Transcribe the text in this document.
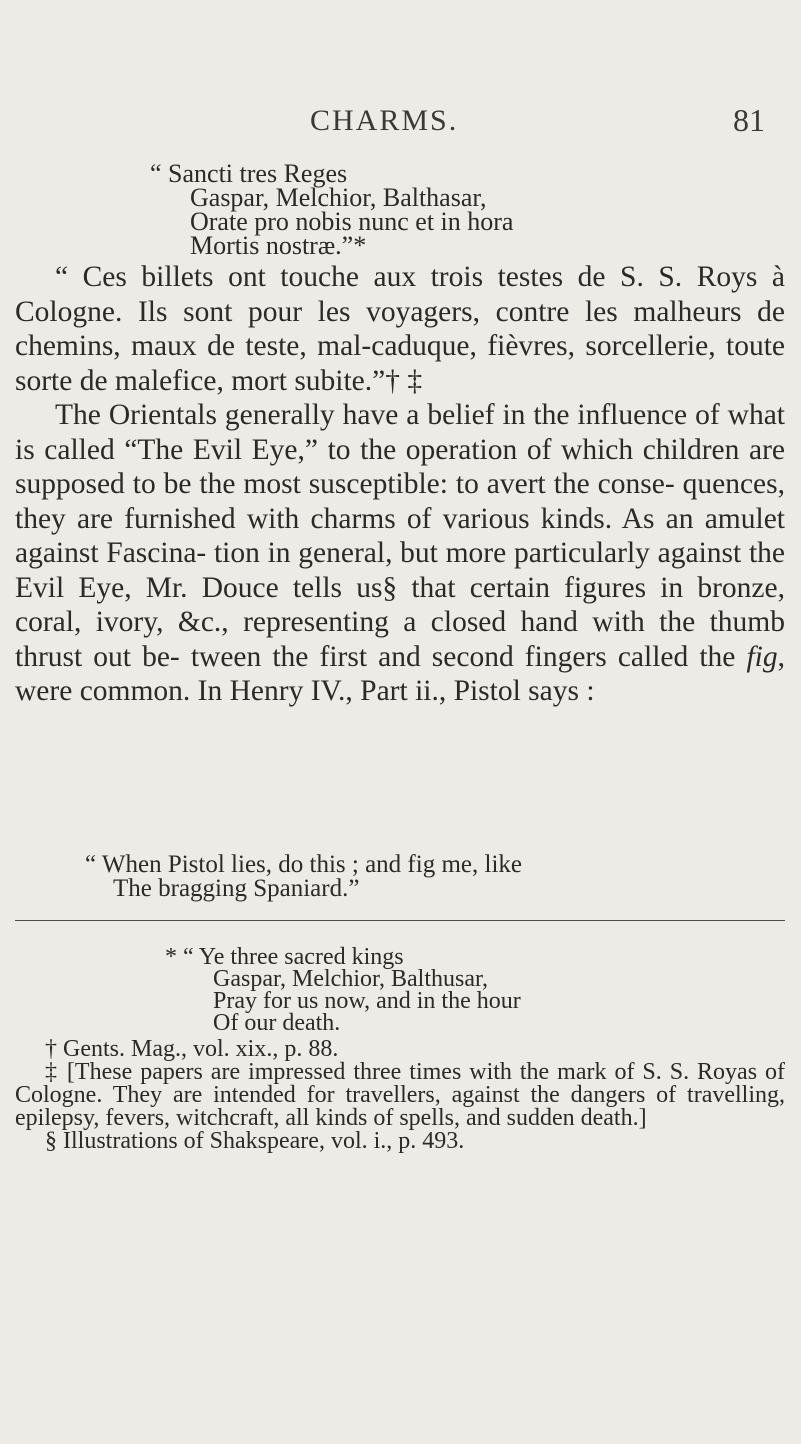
CHARMS.	81
“ Sancti tres Reges
Gaspar, Melchior, Balthasar,
Orate pro nobis nunc et in hora
Mortis nostræ.”*

“ Ces billets ont touche aux trois testes de S. S. Roys à Cologne. Ils sont pour les voyagers, contre les malheurs de chemins, maux de teste, mal-caduque, fièvres, sorcellerie, toute sorte de malefice, mort subite.”† ‡

The Orientals generally have a belief in the influence of what is called “The Evil Eye,” to the operation of which children are supposed to be the most susceptible: to avert the conse- quences, they are furnished with charms of various kinds. As an amulet against Fascina- tion in general, but more particularly against the Evil Eye, Mr. Douce tells us§ that certain figures in bronze, coral, ivory, &c., representing a closed hand with the thumb thrust out be- tween the first and second fingers called the fig, were common. In Henry IV., Part ii., Pistol says :

“ When Pistol lies, do this ; and fig me, like
The bragging Spaniard.”
* “ Ye three sacred kings
Gaspar, Melchior, Balthusar,
Pray for us now, and in the hour
Of our death.

† Gents. Mag., vol. xix., p. 88.

‡ [These papers are impressed three times with the mark of S. S. Royas of Cologne. They are intended for travellers, against the dangers of travelling, epilepsy, fevers, witchcraft, all kinds of spells, and sudden death.]

§ Illustrations of Shakspeare, vol. i., p. 493.
